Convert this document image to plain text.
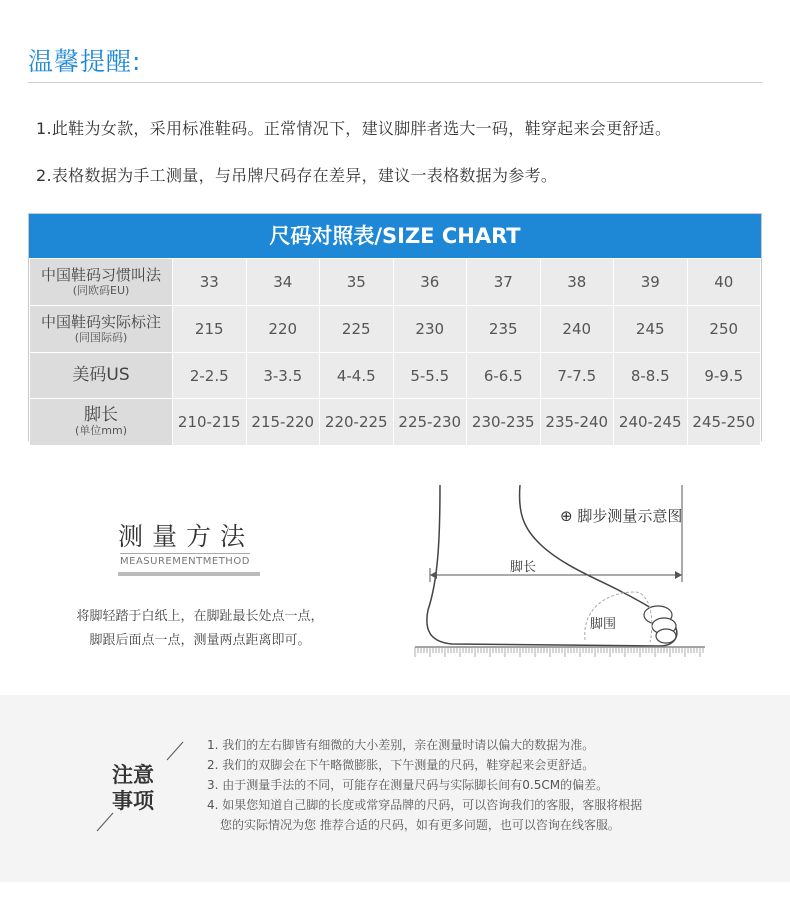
温馨提醒:
1.此鞋为女款，采用标准鞋码。正常情况下，建议脚胖者选大一码，鞋穿起来会更舒适。
2.表格数据为手工测量，与吊牌尺码存在差异，建议一表格数据为参考。
尺码对照表/SIZE CHART
中国鞋码习惯叫法
(同欧码EU)	33	34	35	36	37	38	39	40

中国鞋码实际标注
(同国际码)	215	220	225	230	235	240	245	250

美码US	2-2.5	3-3.5	4-4.5	5-5.5	6-6.5	7-7.5	8-8.5	9-9.5

脚长
(单位mm)	210-215	215-220	220-225	225-230	230-235	235-240	240-245	245-250
测量方法
MEASUREMENTMETHOD
将脚轻踏于白纸上，在脚趾最长处点一点，
脚跟后面点一点，测量两点距离即可。
脚长
脚围
⊕ 脚步测量示意图
注意
事项
1. 我们的左右脚皆有细微的大小差别，亲在测量时请以偏大的数据为准。
2. 我们的双脚会在下午略微膨胀，下午测量的尺码，鞋穿起来会更舒适。
3. 由于测量手法的不同，可能存在测量尺码与实际脚长间有0.5CM的偏差。
4. 如果您知道自己脚的长度或常穿品牌的尺码，可以咨询我们的客服，客服将根据
您的实际情况为您 推荐合适的尺码，如有更多问题，也可以咨询在线客服。
